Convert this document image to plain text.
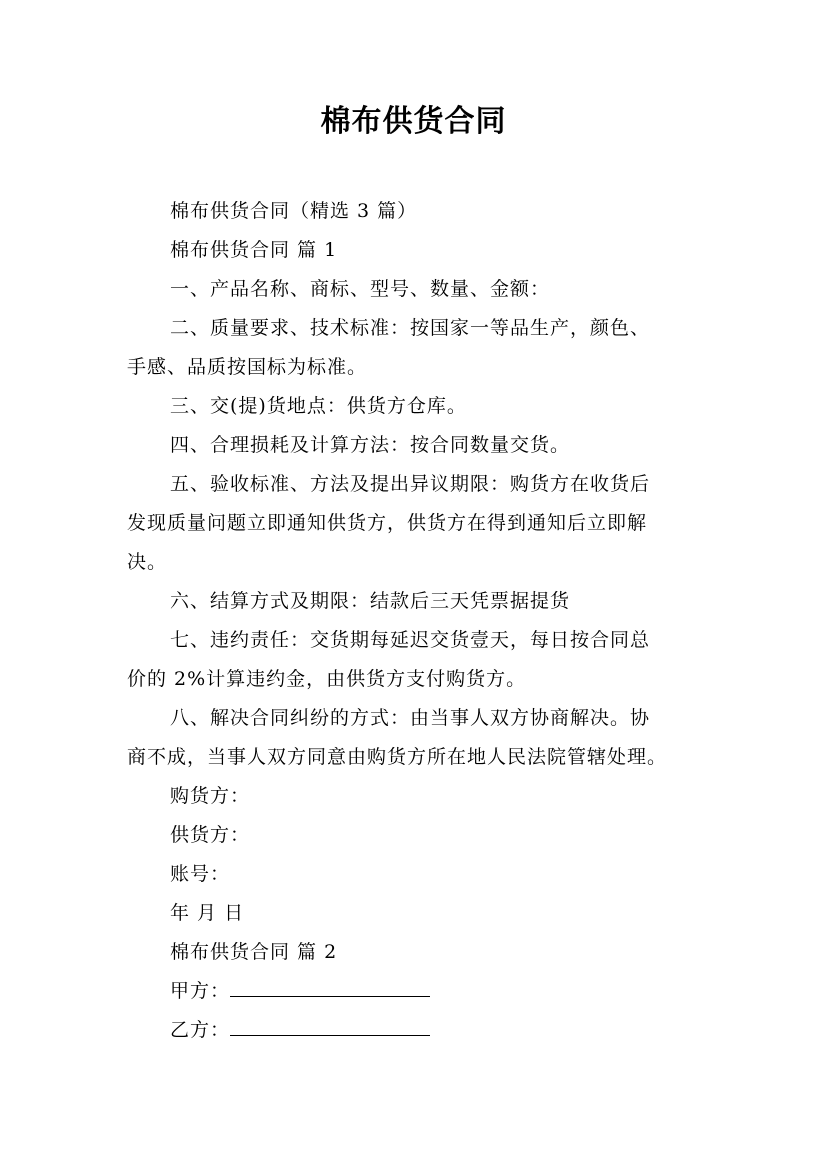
棉布供货合同
棉布供货合同（精选 3 篇）
棉布供货合同 篇 1
一、产品名称、商标、型号、数量、金额：
二、质量要求、技术标准：按国家一等品生产，颜色、
手感、品质按国标为标准。
三、交(提)货地点：供货方仓库。
四、合理损耗及计算方法：按合同数量交货。
五、验收标准、方法及提出异议期限：购货方在收货后
发现质量问题立即通知供货方，供货方在得到通知后立即解
决。
六、结算方式及期限：结款后三天凭票据提货
七、违约责任：交货期每延迟交货壹天，每日按合同总
价的 2%计算违约金，由供货方支付购货方。
八、解决合同纠纷的方式：由当事人双方协商解决。协
商不成，当事人双方同意由购货方所在地人民法院管辖处理。
购货方：
供货方：
账号：
年 月 日
棉布供货合同 篇 2
甲方：
乙方：
